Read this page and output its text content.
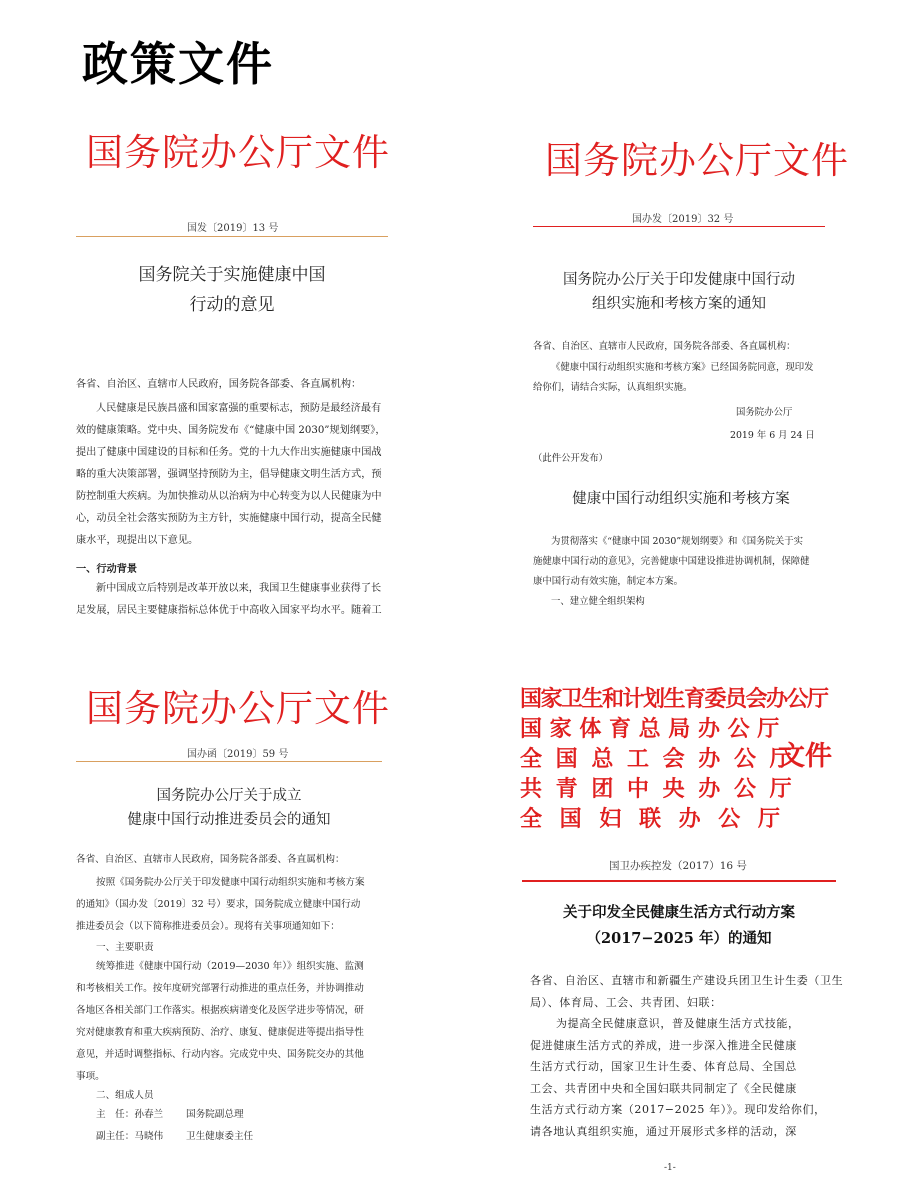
政策文件
国务院办公厅文件
国发〔2019〕13 号
国务院关于实施健康中国
行动的意见
各省、自治区、直辖市人民政府，国务院各部委、各直属机构：
人民健康是民族昌盛和国家富强的重要标志，预防是最经济最有
效的健康策略。党中央、国务院发布《“健康中国 2030”规划纲要》，
提出了健康中国建设的目标和任务。党的十九大作出实施健康中国战
略的重大决策部署，强调坚持预防为主，倡导健康文明生活方式，预
防控制重大疾病。为加快推动从以治病为中心转变为以人民健康为中
心，动员全社会落实预防为主方针，实施健康中国行动，提高全民健
康水平，现提出以下意见。
一、行动背景
新中国成立后特别是改革开放以来，我国卫生健康事业获得了长
足发展，居民主要健康指标总体优于中高收入国家平均水平。随着工
国务院办公厅文件
国办发〔2019〕32 号
国务院办公厅关于印发健康中国行动
组织实施和考核方案的通知
各省、自治区、直辖市人民政府，国务院各部委、各直属机构：
《健康中国行动组织实施和考核方案》已经国务院同意，现印发
给你们，请结合实际，认真组织实施。
国务院办公厅
2019 年 6 月 24 日
（此件公开发布）
健康中国行动组织实施和考核方案
为贯彻落实《“健康中国 2030”规划纲要》和《国务院关于实
施健康中国行动的意见》，完善健康中国建设推进协调机制，保障健
康中国行动有效实施，制定本方案。
一、建立健全组织架构
国务院办公厅文件
国办函〔2019〕59 号
国务院办公厅关于成立
健康中国行动推进委员会的通知
各省、自治区、直辖市人民政府，国务院各部委、各直属机构：
按照《国务院办公厅关于印发健康中国行动组织实施和考核方案
的通知》（国办发〔2019〕32 号）要求，国务院成立健康中国行动
推进委员会（以下简称推进委员会）。现将有关事项通知如下：
一、主要职责
统筹推进《健康中国行动（2019—2030 年）》组织实施、监测
和考核相关工作。按年度研究部署行动推进的重点任务，并协调推动
各地区各相关部门工作落实。根据疾病谱变化及医学进步等情况，研
究对健康教育和重大疾病预防、治疗、康复、健康促进等提出指导性
意见，并适时调整指标、行动内容。完成党中央、国务院交办的其他
事项。
二、组成人员
主　任：孙春兰 国务院副总理
副主任：马晓伟 卫生健康委主任
国家卫生和计划生育委员会办公厅
国 家 体 育 总 局 办 公 厅
全 国 总 工 会 办 公 厅
共 青 团 中 央 办 公 厅
全 国 妇 联 办 公 厅
文件
国卫办疾控发（2017）16 号
关于印发全民健康生活方式行动方案
（2017−2025 年）的通知
各省、自治区、直辖市和新疆生产建设兵团卫生计生委（卫生
局）、体育局、工会、共青团、妇联：
为提高全民健康意识，普及健康生活方式技能，
促进健康生活方式的养成，进一步深入推进全民健康
生活方式行动，国家卫生计生委、体育总局、全国总
工会、共青团中央和全国妇联共同制定了《全民健康
生活方式行动方案（2017−2025 年）》。现印发给你们，
请各地认真组织实施，通过开展形式多样的活动，深
-1-
